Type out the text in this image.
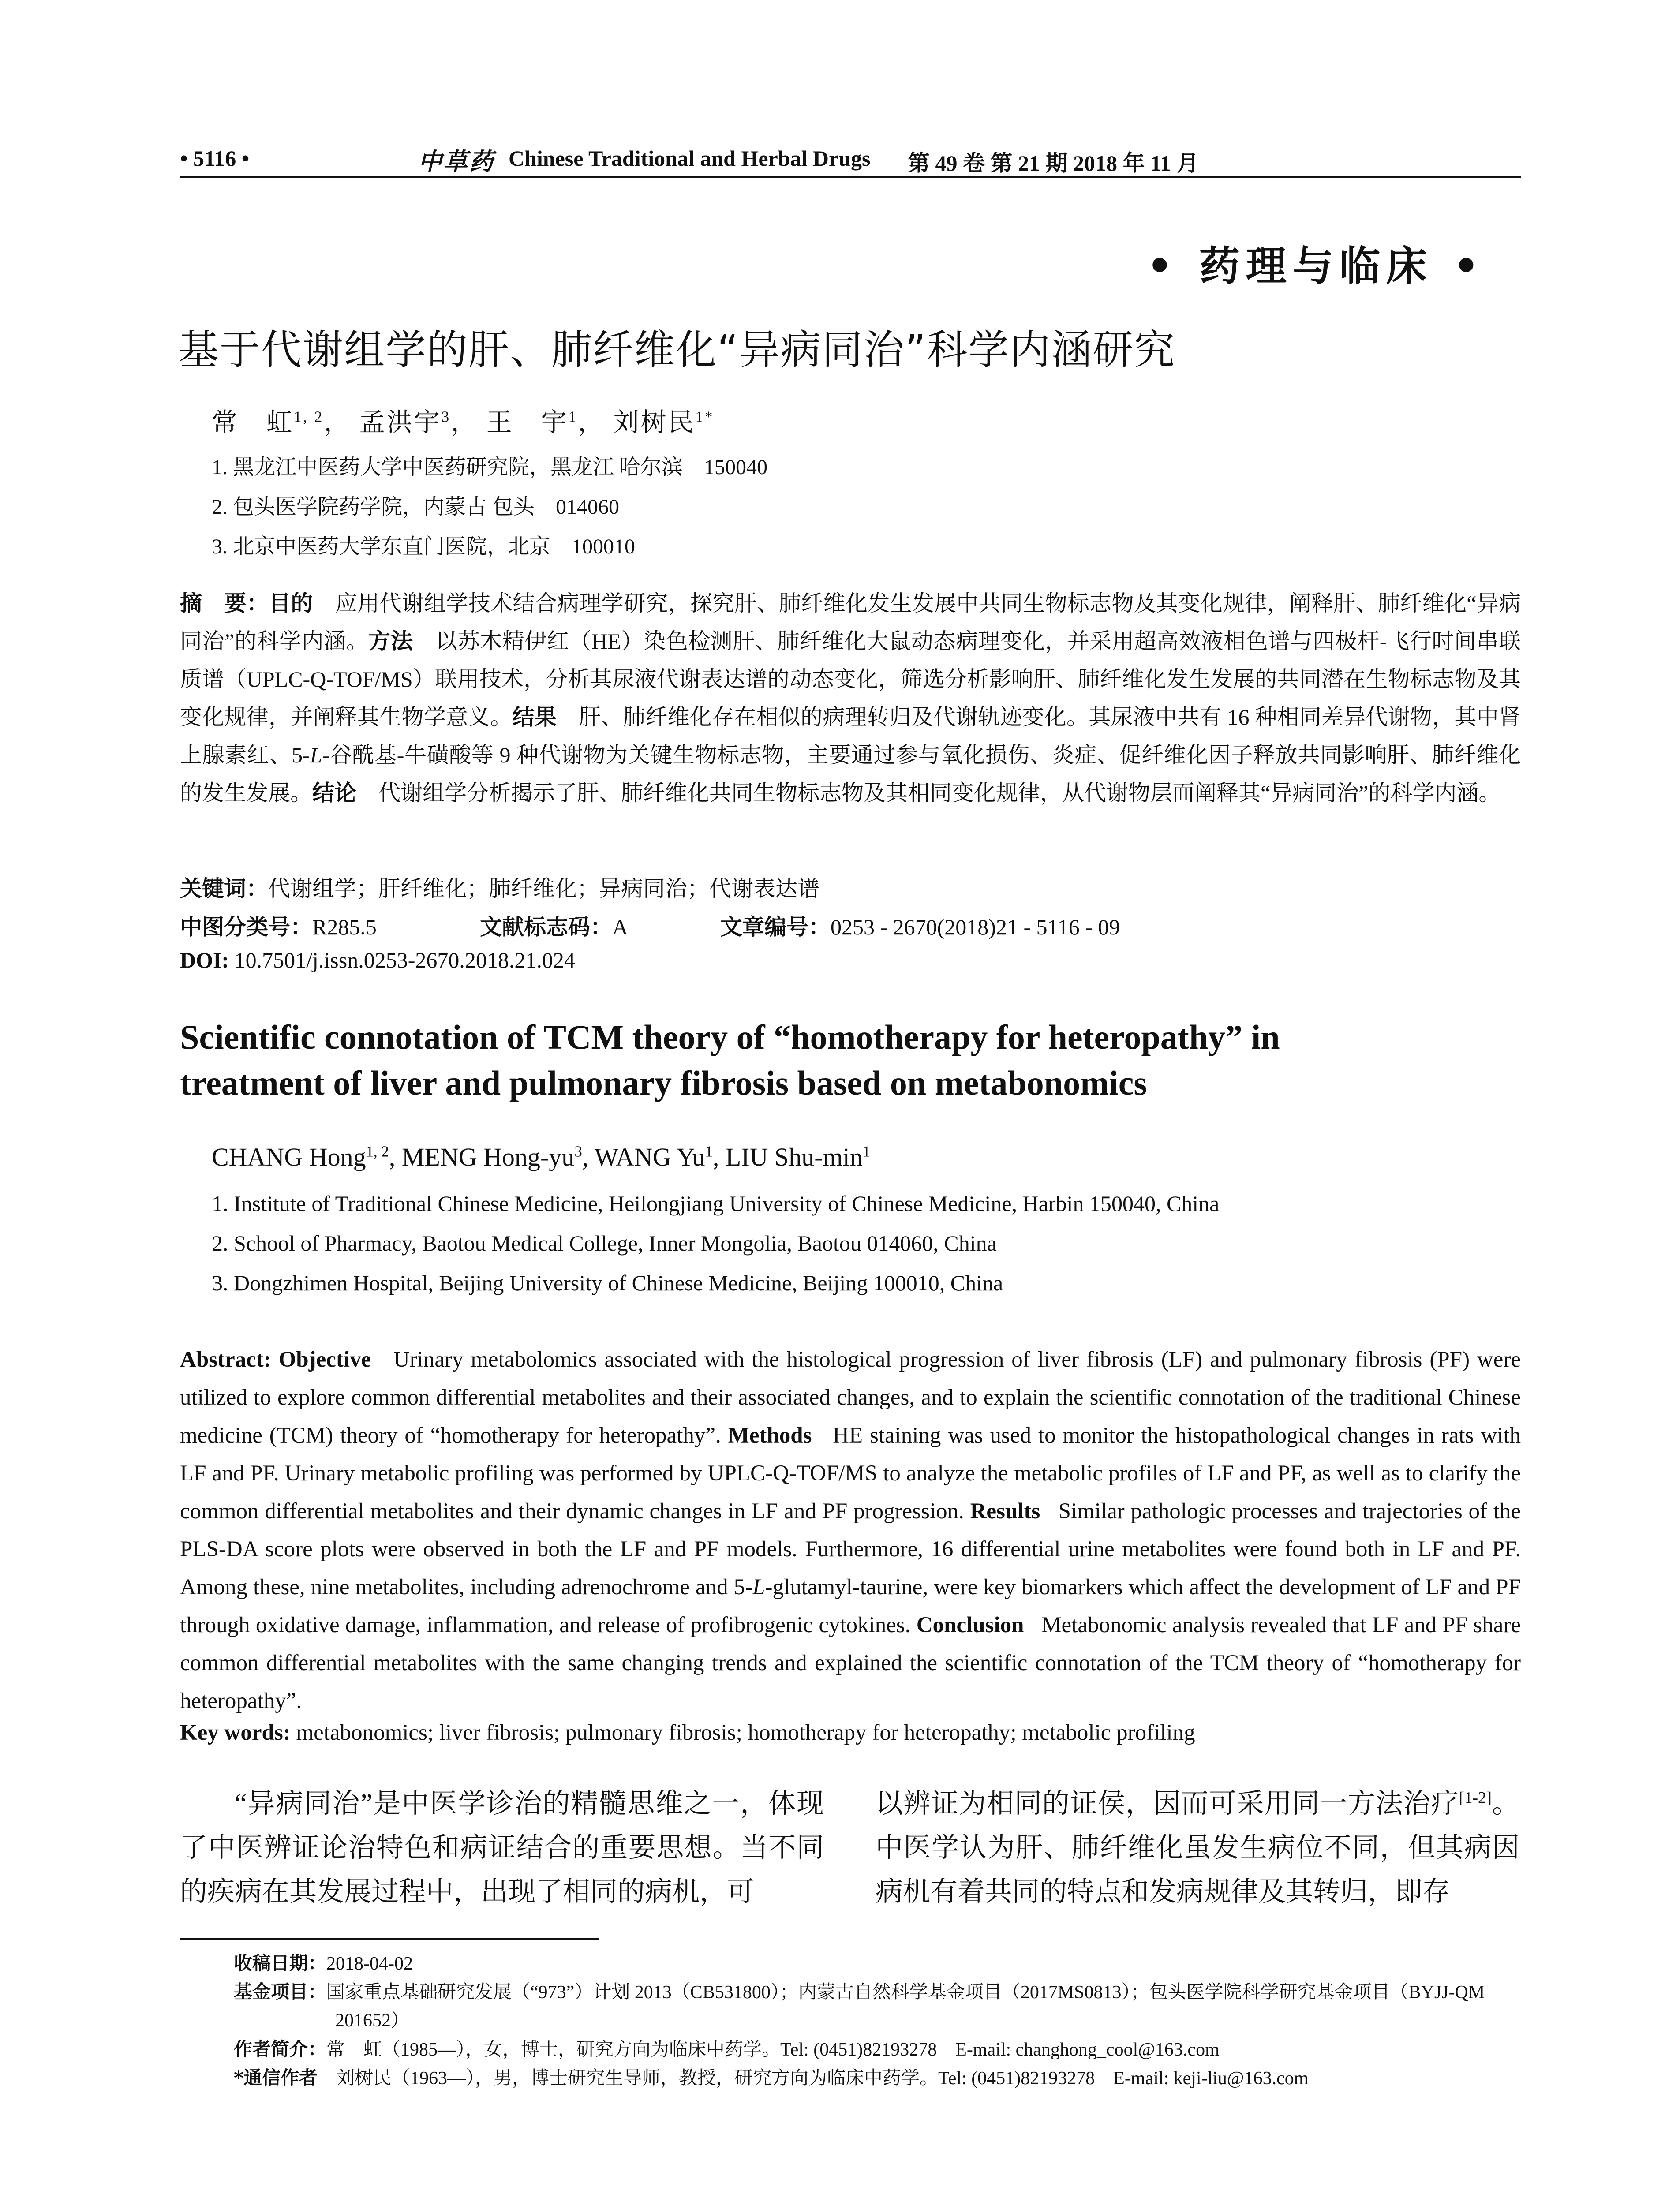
• 5116 •	中草药 Chinese Traditional and Herbal Drugs 第 49 卷 第 21 期 2018 年 11 月
• 药理与临床 •
基于代谢组学的肝、肺纤维化“异病同治”科学内涵研究
常　虹$^{1, 2}$， 孟洪宇$^3$， 王　宇$^1$， 刘树民$^{1*}$
1. 黑龙江中医药大学中医药研究院，黑龙江 哈尔滨　150040
2. 包头医学院药学院，内蒙古 包头　014060
3. 北京中医药大学东直门医院，北京　100010
摘　要：目的　 应用代谢组学技术结合病理学研究，探究肝、肺纤维化发生发展中共同生物标志物及其变化规律，阐释肝、肺纤维化“异病同治”的科学内涵。方法　 以苏木精伊红（HE）染色检测肝、肺纤维化大鼠动态病理变化，并采用超高效液相色谱与四极杆-飞行时间串联质谱（UPLC-Q-TOF/MS）联用技术，分析其尿液代谢表达谱的动态变化，筛选分析影响肝、肺纤维化发生发展的共同潜在生物标志物及其变化规律，并阐释其生物学意义。结果　 肝、肺纤维化存在相似的病理转归及代谢轨迹变化。其尿液中共有 16 种相同差异代谢物，其中肾上腺素红、5-L-谷酰基-牛磺酸等 9 种代谢物为关键生物标志物，主要通过参与氧化损伤、炎症、促纤维化因子释放共同影响肝、肺纤维化的发生发展。结论　 代谢组学分析揭示了肝、肺纤维化共同生物标志物及其相同变化规律，从代谢物层面阐释其“异病同治”的科学内涵。
关键词：代谢组学；肝纤维化；肺纤维化；异病同治；代谢表达谱
中图分类号：R285.5	文献标志码：A	文章编号：0253 - 2670(2018)21 - 5116 - 09
DOI: 10.7501/j.issn.0253-2670.2018.21.024
Scientific connotation of TCM theory of “homotherapy for heteropathy” in
treatment of liver and pulmonary fibrosis based on metabonomics
CHANG Hong$^{1, 2}$, MENG Hong-$yu^3$, WANG Yu$^1$, LIU Shu-$\min^1$
1. Institute of Traditional Chinese Medicine, Heilongjiang University of Chinese Medicine, Harbin 150040, China
2. School of Pharmacy, Baotou Medical College, Inner Mongolia, Baotou 014060, China
3. Dongzhimen Hospital, Beijing University of Chinese Medicine, Beijing 100010, China
Abstract: Objective Urinary metabolomics associated with the histological progression of liver fibrosis (LF) and pulmonary fibrosis (PF) were utilized to explore common differential metabolites and their associated changes, and to explain the scientific connotation of the traditional Chinese medicine (TCM) theory of “homotherapy for heteropathy”. Methods HE staining was used to monitor the histopathological changes in rats with LF and PF. Urinary metabolic profiling was performed by UPLC-Q-TOF/MS to analyze the metabolic profiles of LF and PF, as well as to clarify the common differential metabolites and their dynamic changes in LF and PF progression. Results Similar pathologic processes and trajectories of the PLS-DA score plots were observed in both the LF and PF models. Furthermore, 16 differential urine metabolites were found both in LF and PF. Among these, nine metabolites, including adrenochrome and 5-L-glutamyl-taurine, were key biomarkers which affect the development of LF and PF through oxidative damage, inflammation, and release of profibrogenic cytokines. Conclusion Metabonomic analysis revealed that LF and PF share common differential metabolites with the same changing trends and explained the scientific connotation of the TCM theory of “homotherapy for heteropathy”.
Key words: metabonomics; liver fibrosis; pulmonary fibrosis; homotherapy for heteropathy; metabolic profiling
“异病同治”是中医学诊治的精髓思维之一，体现了中医辨证论治特色和病证结合的重要思想。当不同的疾病在其发展过程中，出现了相同的病机，可
以辨证为相同的证侯，因而可采用同一方法治疗[1-2]。中医学认为肝、肺纤维化虽发生病位不同，但其病因病机有着共同的特点和发病规律及其转归，即存
收稿日期：2018-04-02
基金项目：国家重点基础研究发展（“973”）计划 2013（CB531800）；内蒙古自然科学基金项目（2017MS0813）；包头医学院科学研究基金项目（BYJJ-QM 201652）
作者简介：常　虹（1985—），女，博士，研究方向为临床中药学。Tel: (0451)82193278　E-mail: changhong_cool@163.com
*通信作者　 刘树民（1963—），男，博士研究生导师，教授，研究方向为临床中药学。Tel: (0451)82193278　E-mail: keji-liu@163.com
